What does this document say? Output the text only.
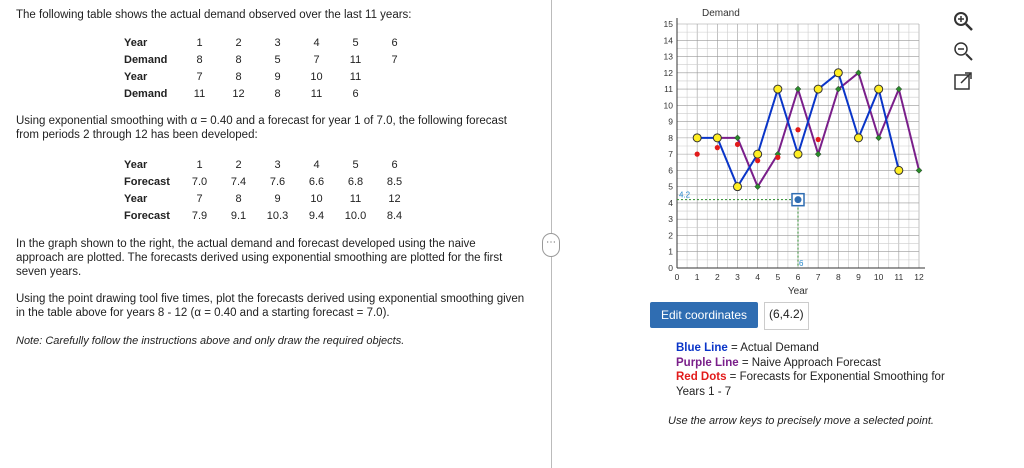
The following table shows the actual demand observed over the last 11 years:

Year	1	2	3	4	5	6
Demand	8	8	5	7	11	7
Year	7	8	9	10	11	
Demand	11	12	8	11	6	

Using exponential smoothing with α = 0.40 and a forecast for year 1 of 7.0, the following forecast from periods 2 through 12 has been developed:

Year	1	2	3	4	5	6
Forecast	7.0	7.4	7.6	6.6	6.8	8.5
Year	7	8	9	10	11	12
Forecast	7.9	9.1	10.3	9.4	10.0	8.4

In the graph shown to the right, the actual demand and forecast developed using the naive approach are plotted. The forecasts derived using exponential smoothing are plotted for the first seven years.

Using the point drawing tool five times, plot the forecasts derived using exponential smoothing given in the table above for years 8 - 12 (α = 0.40 and a starting forecast = 7.0).

Note: Carefully follow the instructions above and only draw the required objects.

⋯
Demand
0 1 2 3 4 5 6 7 8 9 10 11 12
0
1
2
3
4
5
6
7
8
9
10
11
12
13
14
15
4.2
6
Year
Edit coordinates	(6,4.2)
Blue Line = Actual Demand
Purple Line = Naive Approach Forecast
Red Dots = Forecasts for Exponential Smoothing for Years 1 - 7
Use the arrow keys to precisely move a selected point.
